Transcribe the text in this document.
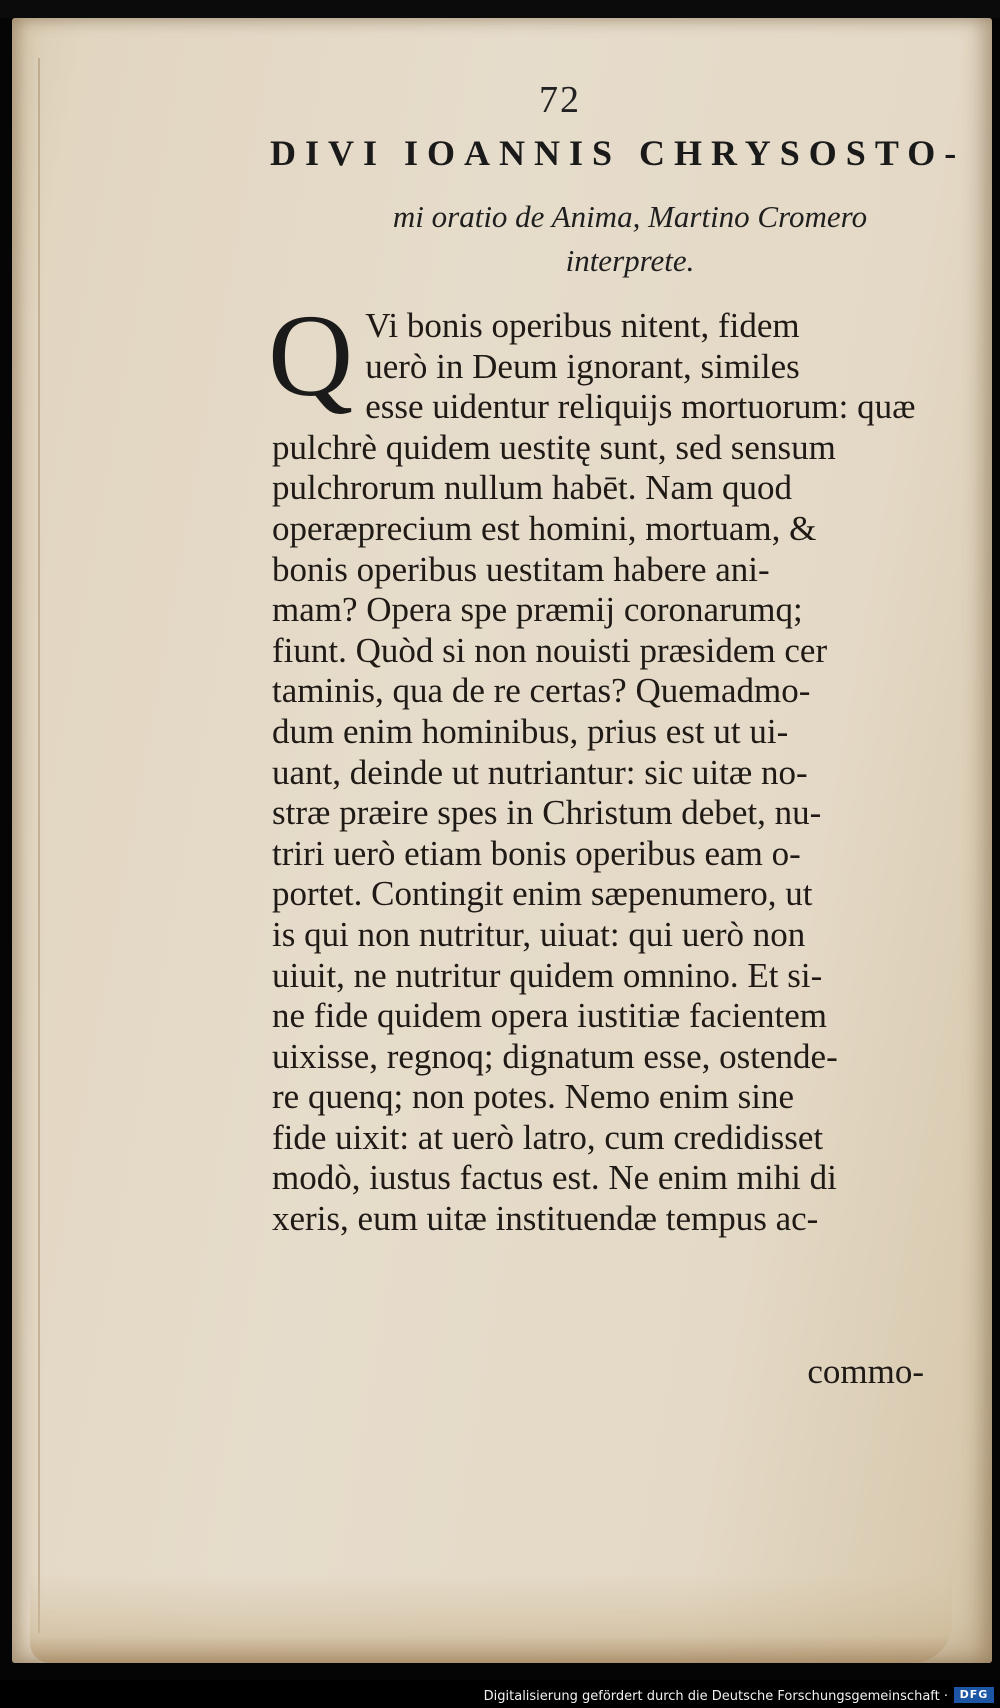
72
DIVI IOANNIS CHRYSOSTO-
mi oratio de Anima, Martino Cromero
interprete.
Q Vi bonis operibus nitent, fidem
uerò in Deum ignorant, similes
esse uidentur reliquijs mortuorum: quæ
pulchrè quidem uestitę sunt, sed sensum
pulchrorum nullum habēt. Nam quod
operæprecium est homini, mortuam, &
bonis operibus uestitam habere ani-
mam? Opera spe præmij coronarumq;
fiunt. Quòd si non nouisti præsidem cer
taminis, qua de re certas? Quemadmo-
dum enim hominibus, prius est ut ui-
uant, deinde ut nutriantur: sic uitæ no-
stræ præire spes in Christum debet, nu-
triri uerò etiam bonis operibus eam o-
portet. Contingit enim sæpenumero, ut
is qui non nutritur, uiuat: qui uerò non
uiuit, ne nutritur quidem omnino. Et si-
ne fide quidem opera iustitiæ facientem
uixisse, regnoq; dignatum esse, ostende-
re quenq; non potes. Nemo enim sine
fide uixit: at uerò latro, cum credidisset
modò, iustus factus est. Ne enim mihi di
xeris, eum uitæ instituendæ tempus ac-
commo-
Digitalisierung gefördert durch die Deutsche Forschungsgemeinschaft ·	DFG
